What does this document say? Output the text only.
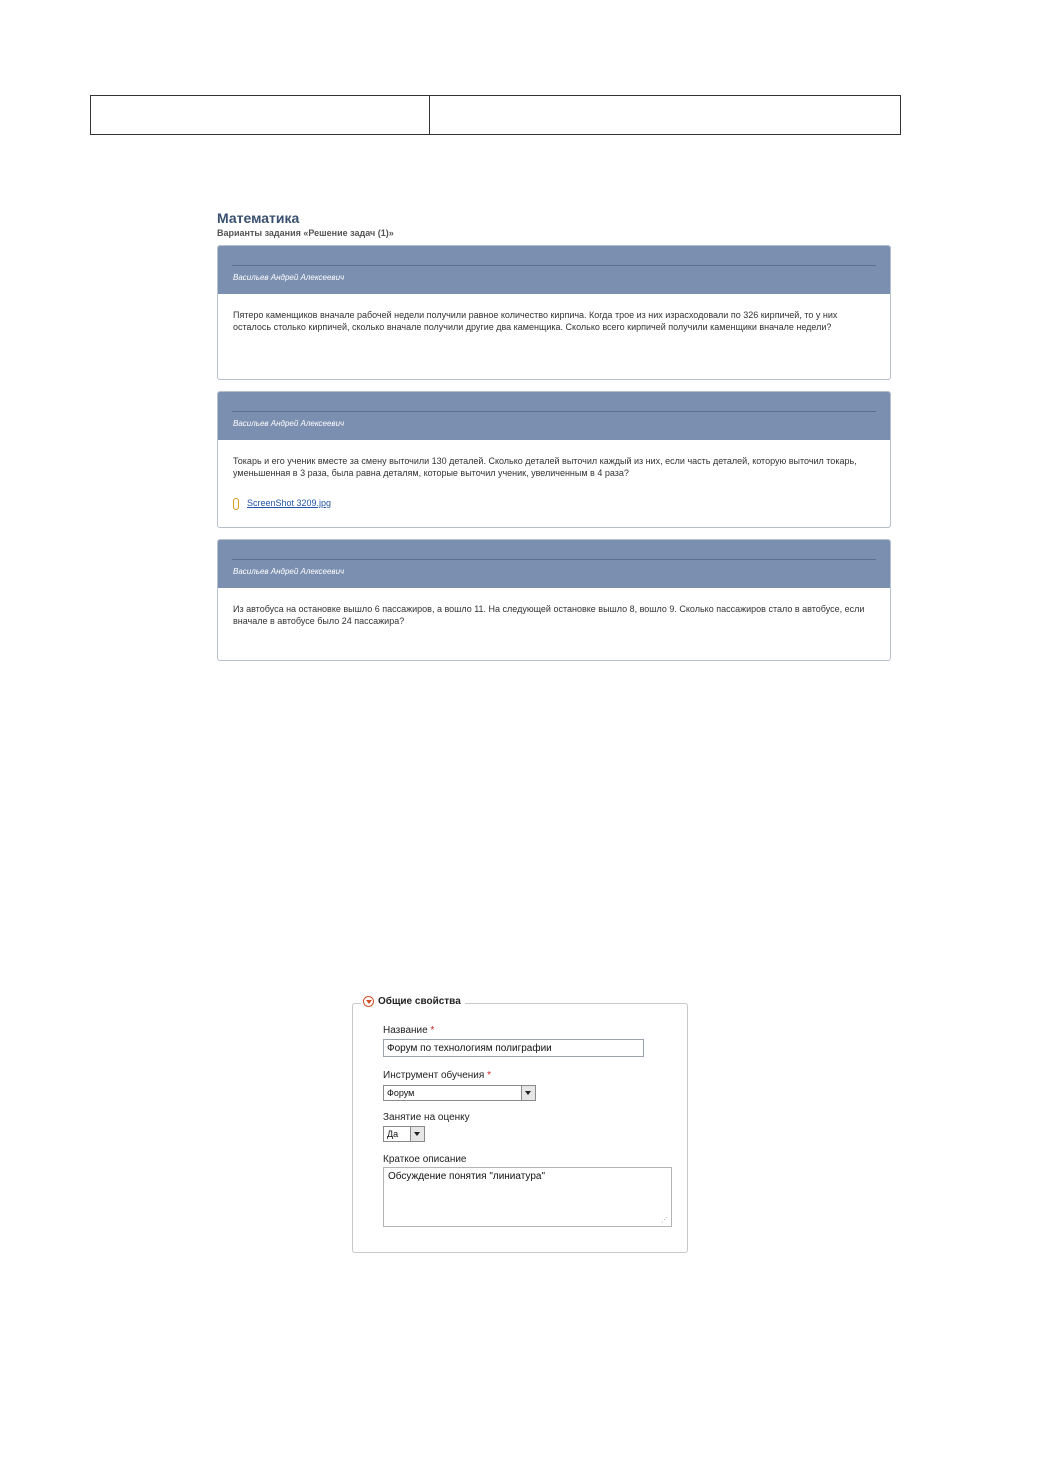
Математика
Варианты задания «Решение задач (1)»
Васильев Андрей Алексеевич
Пятеро каменщиков вначале рабочей недели получили равное количество кирпича. Когда трое из них израсходовали по 326 кирпичей, то у них осталось столько кирпичей, сколько вначале получили другие два каменщика. Сколько всего кирпичей получили каменщики вначале недели?
Васильев Андрей Алексеевич
Токарь и его ученик вместе за смену выточили 130 деталей. Сколько деталей выточил каждый из них, если часть деталей, которую выточил токарь, уменьшенная в 3 раза, была равна деталям, которые выточил ученик, увеличенным в 4 раза?
ScreenShot 3209.jpg
Васильев Андрей Алексеевич
Из автобуса на остановке вышло 6 пассажиров, а вошло 11. На следующей остановке вышло 8, вошло 9. Сколько пассажиров стало в автобусе, если вначале в автобусе было 24 пассажира?
Общие свойства
Название *
Форум по технологиям полиграфии
Инструмент обучения *
Форум
Занятие на оценку
Да
Краткое описание
Обсуждение понятия "линиатура"
⋰
